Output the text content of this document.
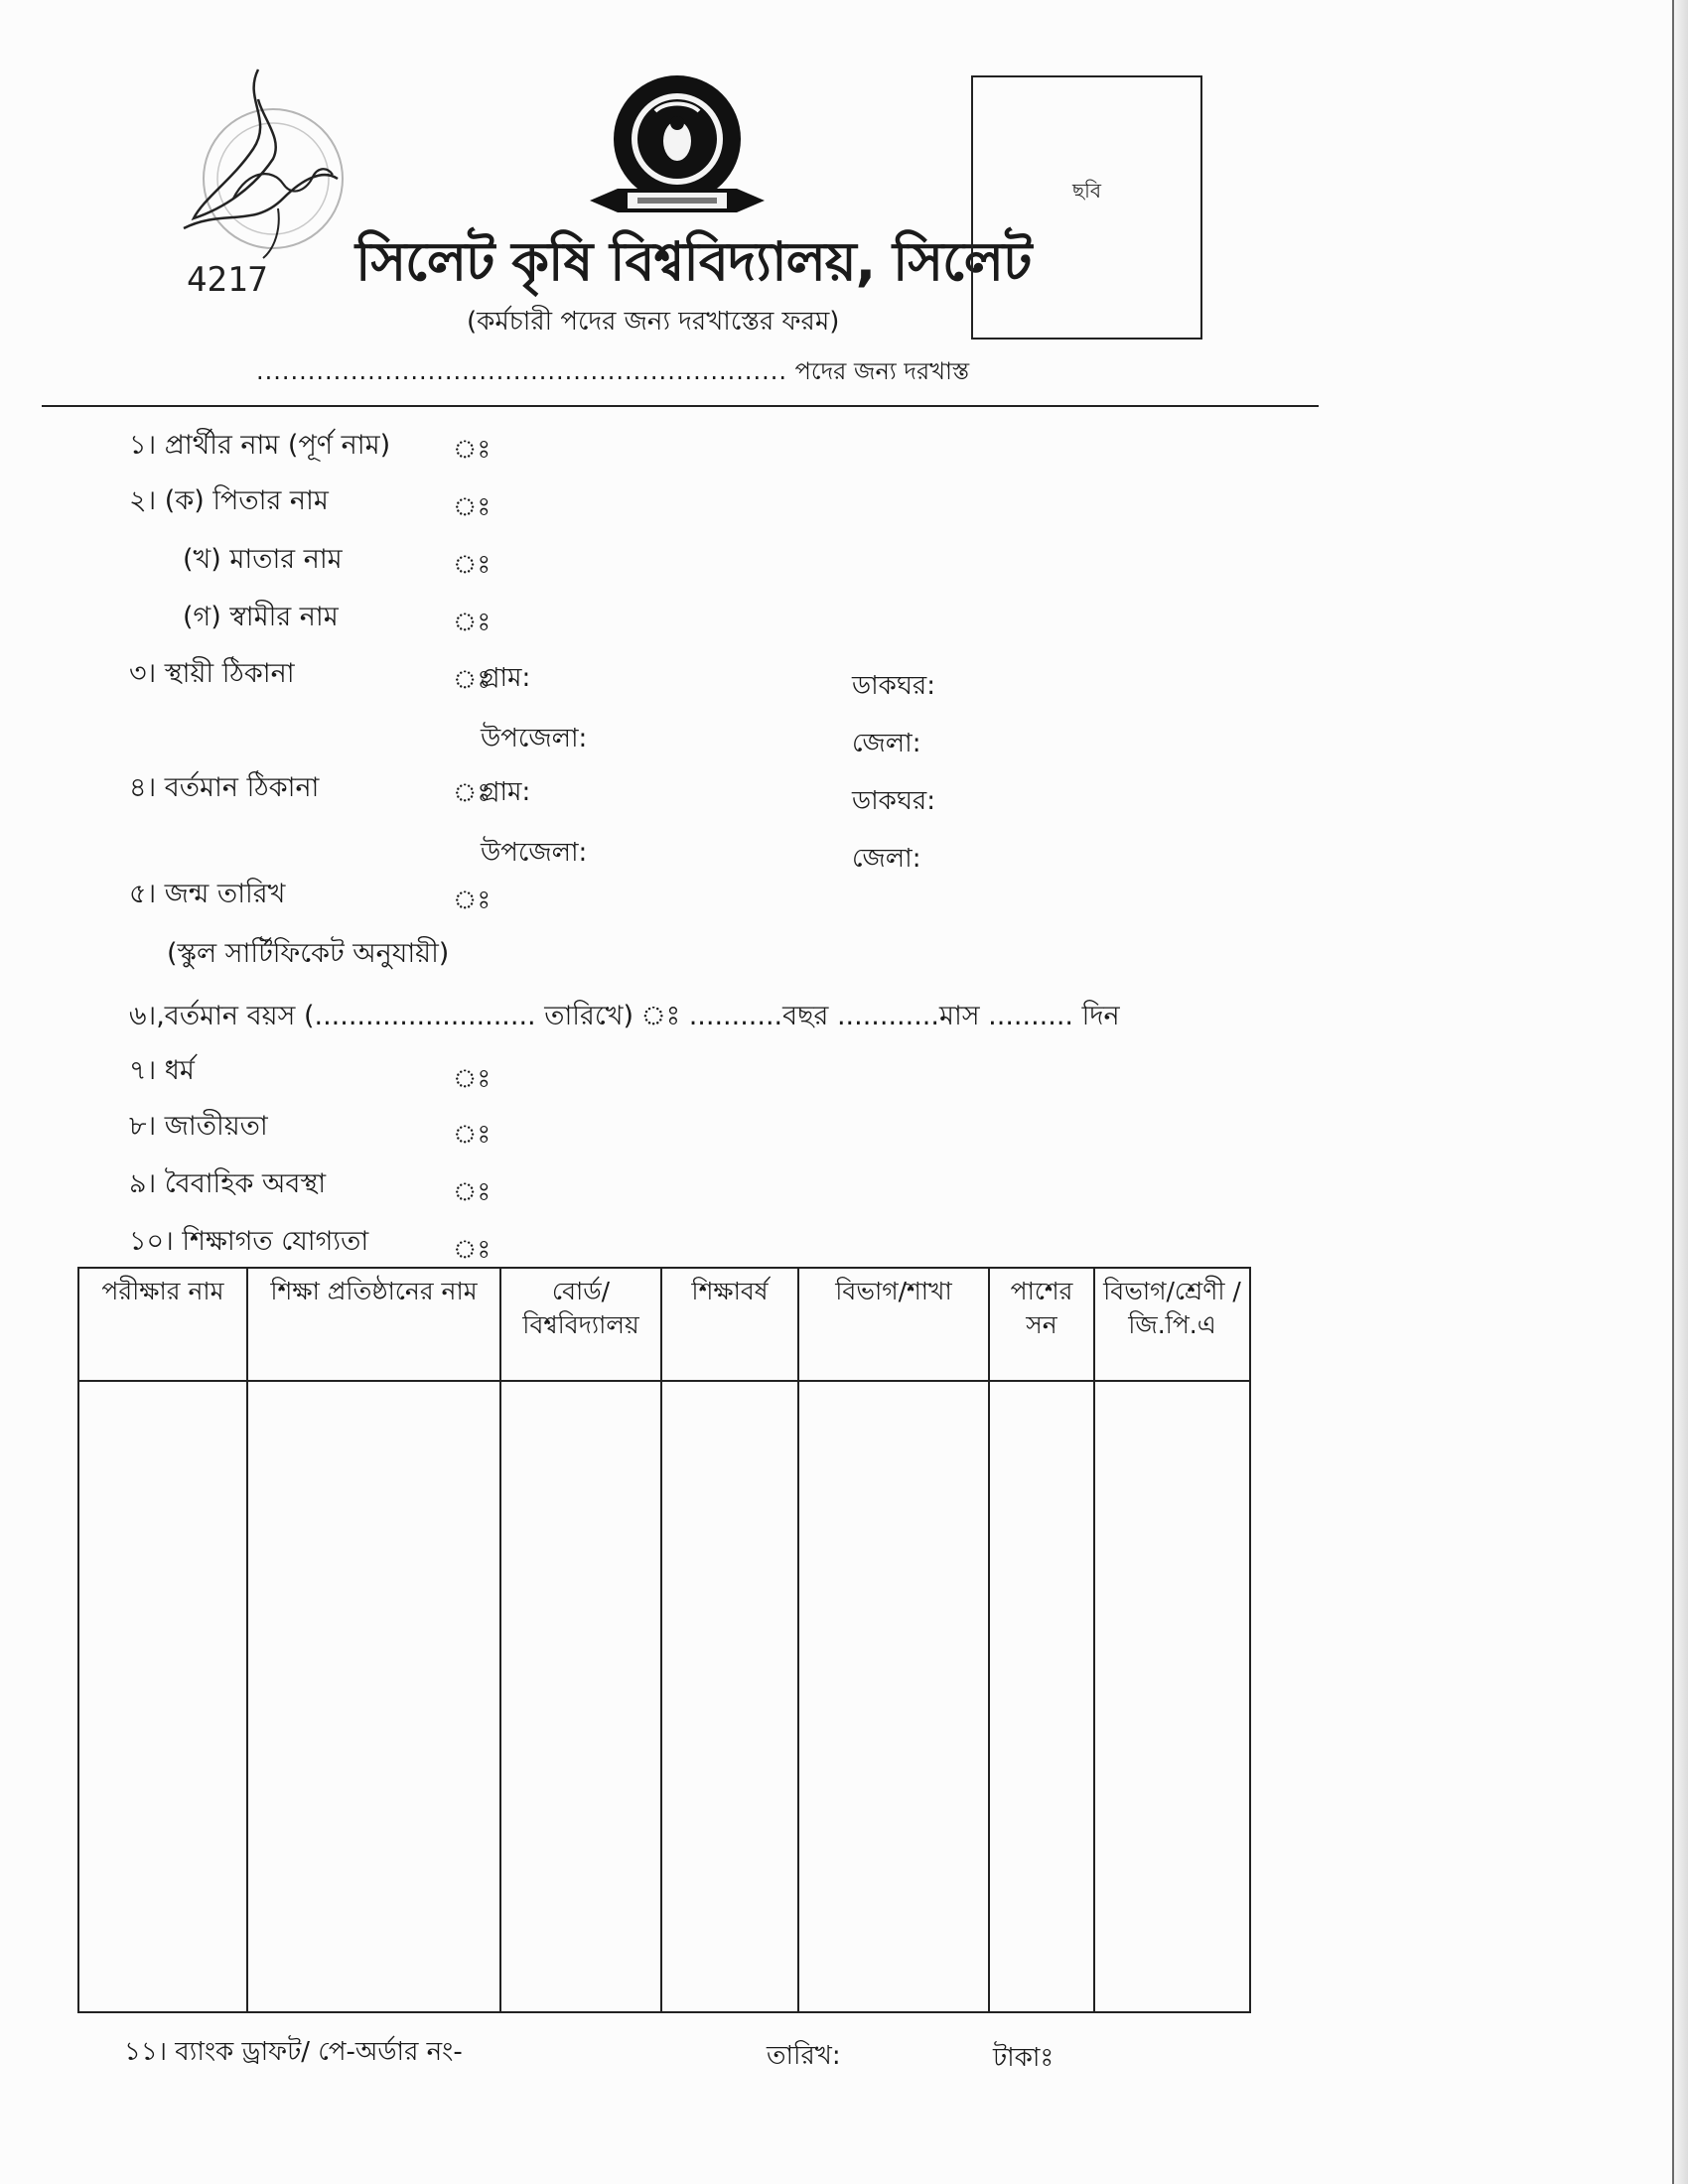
4217 সিলেট কৃষি বিশ্ববিদ্যালয়, সিলেট
(কর্মচারী পদের জন্য দরখাস্তের ফরম)
.............................................................. পদের জন্য দরখাস্ত
ছবি
১। প্রার্থীর নাম (পূর্ণ নাম) ঃ
২। (ক) পিতার নাম	ঃ
(খ) মাতার নাম	ঃ
(গ) স্বামীর নাম	ঃ
৩। স্থায়ী ঠিকানা	ঃ
গ্রাম:	ডাকঘর:
উপজেলা:	জেলা:
৪। বর্তমান ঠিকানা	ঃ
গ্রাম:	ডাকঘর:
উপজেলা:	জেলা:
৫। জন্ম তারিখ	ঃ
(স্কুল সার্টিফিকেট অনুযায়ী)
৬।,বর্তমান বয়স (.......................... তারিখে) ঃ ...........বছর ............মাস .......... দিন
৭। ধর্ম	ঃ
৮। জাতীয়তা	ঃ
৯। বৈবাহিক অবস্থা	ঃ
১০। শিক্ষাগত যোগ্যতা	ঃ
পরীক্ষার নাম	শিক্ষা প্রতিষ্ঠানের নাম	বোর্ড/ বিশ্ববিদ্যালয়	শিক্ষাবর্ষ	বিভাগ/শাখা	পাশের সন	বিভাগ/শ্রেণী / জি.পি.এ

১১। ব্যাংক ড্রাফট/ পে-অর্ডার নং-	তারিখ:	টাকাঃ
